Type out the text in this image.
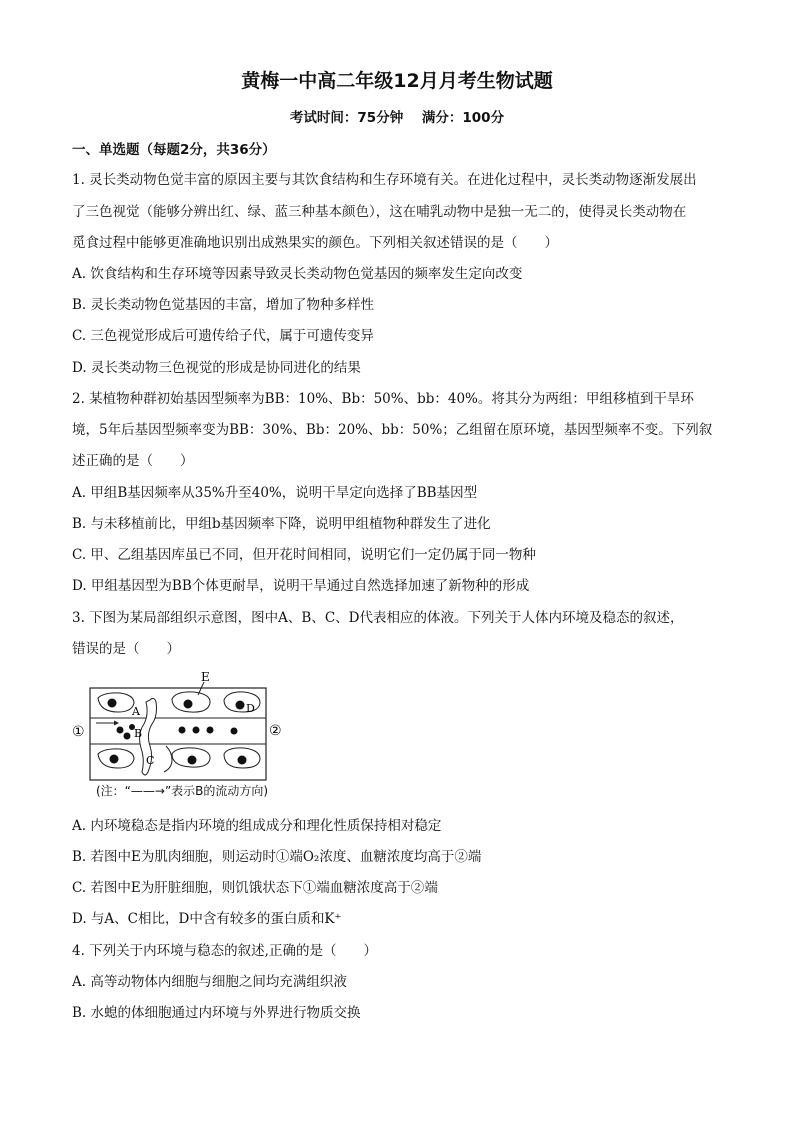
黄梅一中高二年级12月月考生物试题
考试时间：75分钟 满分：100分
一、单选题（每题2分，共36分）
1. 灵长类动物色觉丰富的原因主要与其饮食结构和生存环境有关。在进化过程中，灵长类动物逐渐发展出
了三色视觉（能够分辨出红、绿、蓝三种基本颜色），这在哺乳动物中是独一无二的，使得灵长类动物在
觅食过程中能够更准确地识别出成熟果实的颜色。下列相关叙述错误的是（　　）
A. 饮食结构和生存环境等因素导致灵长类动物色觉基因的频率发生定向改变
B. 灵长类动物色觉基因的丰富，增加了物种多样性
C. 三色视觉形成后可遗传给子代，属于可遗传变异
D. 灵长类动物三色视觉的形成是协同进化的结果
2. 某植物种群初始基因型频率为BB：10%、Bb：50%、bb：40%。将其分为两组：甲组移植到干旱环
境，5年后基因型频率变为BB：30%、Bb：20%、bb：50%；乙组留在原环境，基因型频率不变。下列叙
述正确的是（　　）
A. 甲组B基因频率从35%升至40%，说明干旱定向选择了BB基因型
B. 与未移植前比，甲组b基因频率下降，说明甲组植物种群发生了进化
C. 甲、乙组基因库虽已不同，但开花时间相同，说明它们一定仍属于同一物种
D. 甲组基因型为BB个体更耐旱，说明干旱通过自然选择加速了新物种的形成
3. 下图为某局部组织示意图，图中A、B、C、D代表相应的体液。下列关于人体内环境及稳态的叙述，
错误的是（　　）
E
A
B
C
D
①	②
(注：“——→”表示B的流动方向)
A. 内环境稳态是指内环境的组成成分和理化性质保持相对稳定
B. 若图中E为肌肉细胞，则运动时①端O₂浓度、血糖浓度均高于②端
C. 若图中E为肝脏细胞，则饥饿状态下①端血糖浓度高于②端
D. 与A、C相比，D中含有较多的蛋白质和K⁺
4. 下列关于内环境与稳态的叙述,正确的是（　　）
A. 高等动物体内细胞与细胞之间均充满组织液
B. 水螅的体细胞通过内环境与外界进行物质交换
